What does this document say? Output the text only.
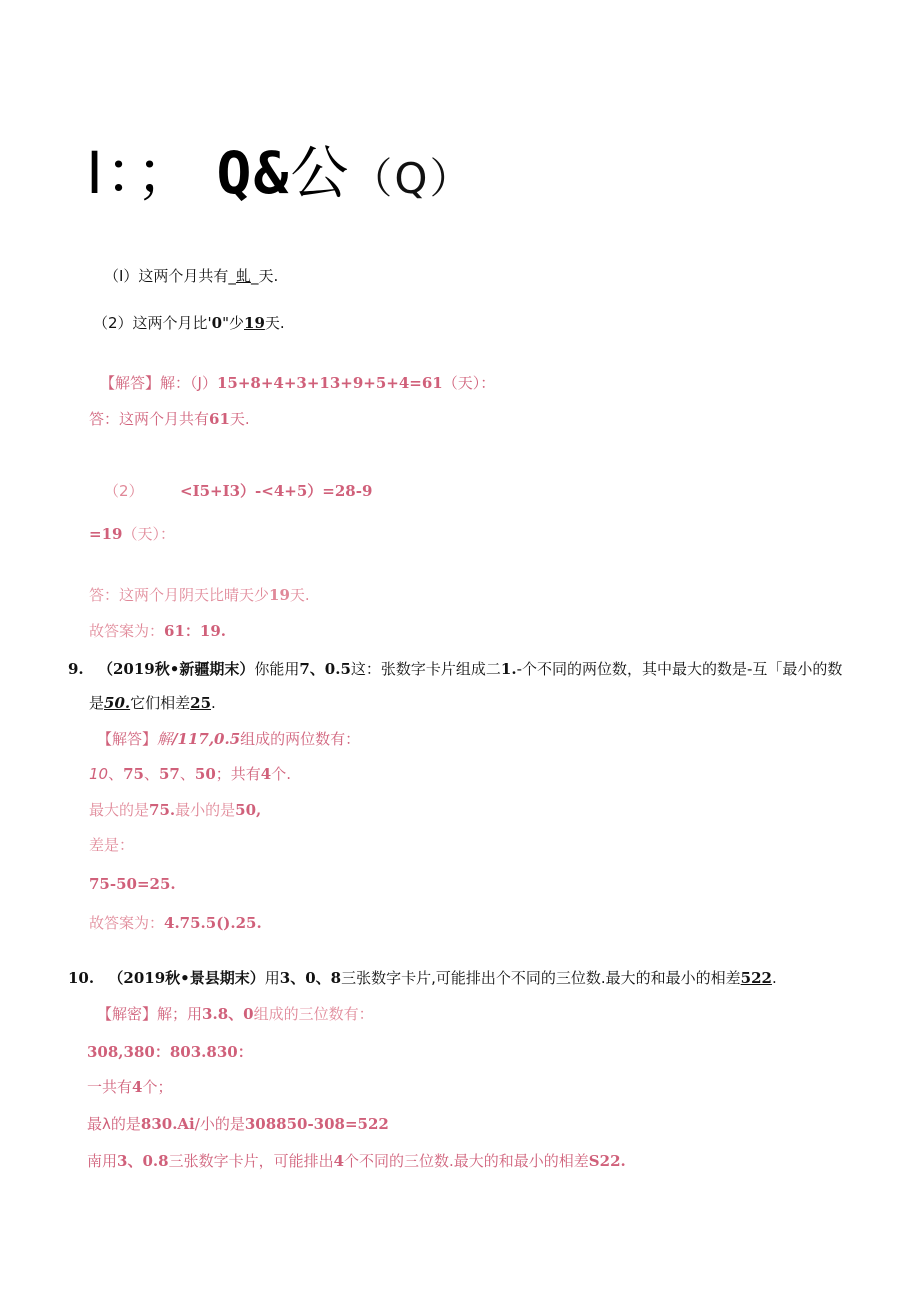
I：； Q&公（Q）
（I）这两个月共有_虬_天.
（2）这两个月比'0"少19天.
【解答】解：（J）15+8+4+3+13+9+5+4=61（天）：
答：这两个月共有61天.
（2） <I5+I3）-<4+5）=28-9
=19（天）：
答：这两个月阴天比晴天少19天.
故答案为：61：19.
9. （2019秋•新疆期末）你能用7、0.5这：张数字卡片组成二1.-个不同的两位数，其中最大的数是-互「最小的数
是50.它们相差25.
【解答】解/117,0.5组成的两位数有：
10、75、57、50；共有4个.
最大的是75.最小的是50,
差是：
75-50=25.
故答案为：4.75.5().25.
10. （2019秋•景县期末）用3、0、8三张数字卡片,可能排出个不同的三位数.最大的和最小的相差522.
【解密】解；用3.8、0组成的三位数有：
308,380：803.830：
一共有4个；
最λ的是830.Ai/小的是308850-308=522
南用3、0.8三张数字卡片，可能排出4个不同的三位数.最大的和最小的相差S22.
